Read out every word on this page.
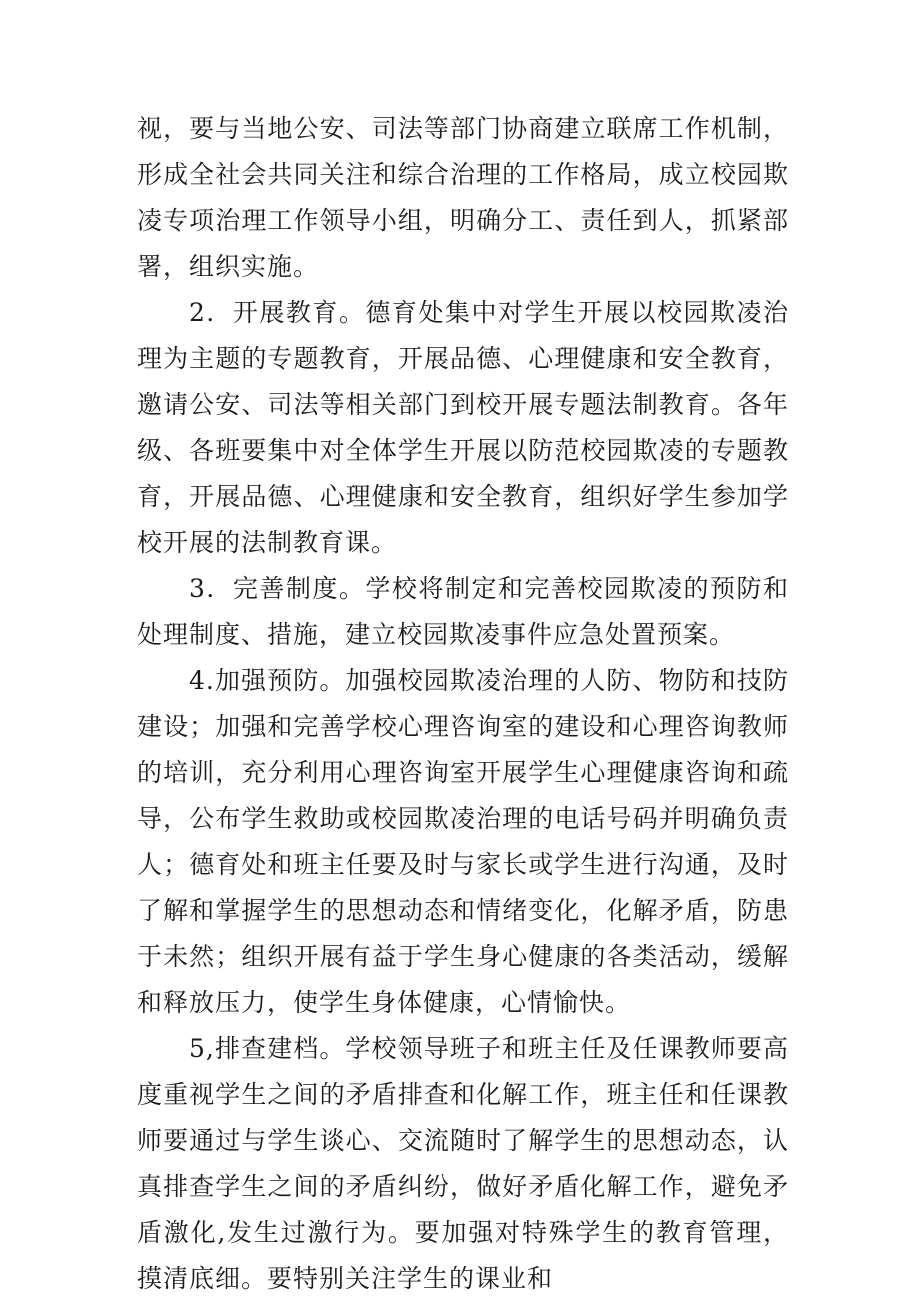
视，要与当地公安、司法等部门协商建立联席工作机制，形成全社会共同关注和综合治理的工作格局，成立校园欺凌专项治理工作领导小组，明确分工、责任到人，抓紧部署，组织实施。

2．开展教育。德育处集中对学生开展以校园欺凌治理为主题的专题教育，开展品德、心理健康和安全教育，邀请公安、司法等相关部门到校开展专题法制教育。各年级、各班要集中对全体学生开展以防范校园欺凌的专题教育，开展品德、心理健康和安全教育，组织好学生参加学校开展的法制教育课。

3．完善制度。学校将制定和完善校园欺凌的预防和处理制度、措施，建立校园欺凌事件应急处置预案。

4.加强预防。加强校园欺凌治理的人防、物防和技防建设；加强和完善学校心理咨询室的建设和心理咨询教师的培训，充分利用心理咨询室开展学生心理健康咨询和疏导，公布学生救助或校园欺凌治理的电话号码并明确负责人；德育处和班主任要及时与家长或学生进行沟通，及时了解和掌握学生的思想动态和情绪变化，化解矛盾，防患于未然；组织开展有益于学生身心健康的各类活动，缓解和释放压力，使学生身体健康，心情愉快。

5,排查建档。学校领导班子和班主任及任课教师要高度重视学生之间的矛盾排查和化解工作，班主任和任课教师要通过与学生谈心、交流随时了解学生的思想动态，认真排查学生之间的矛盾纠纷，做好矛盾化解工作，避免矛盾激化,发生过激行为。要加强对特殊学生的教育管理，摸清底细。要特别关注学生的课业和
